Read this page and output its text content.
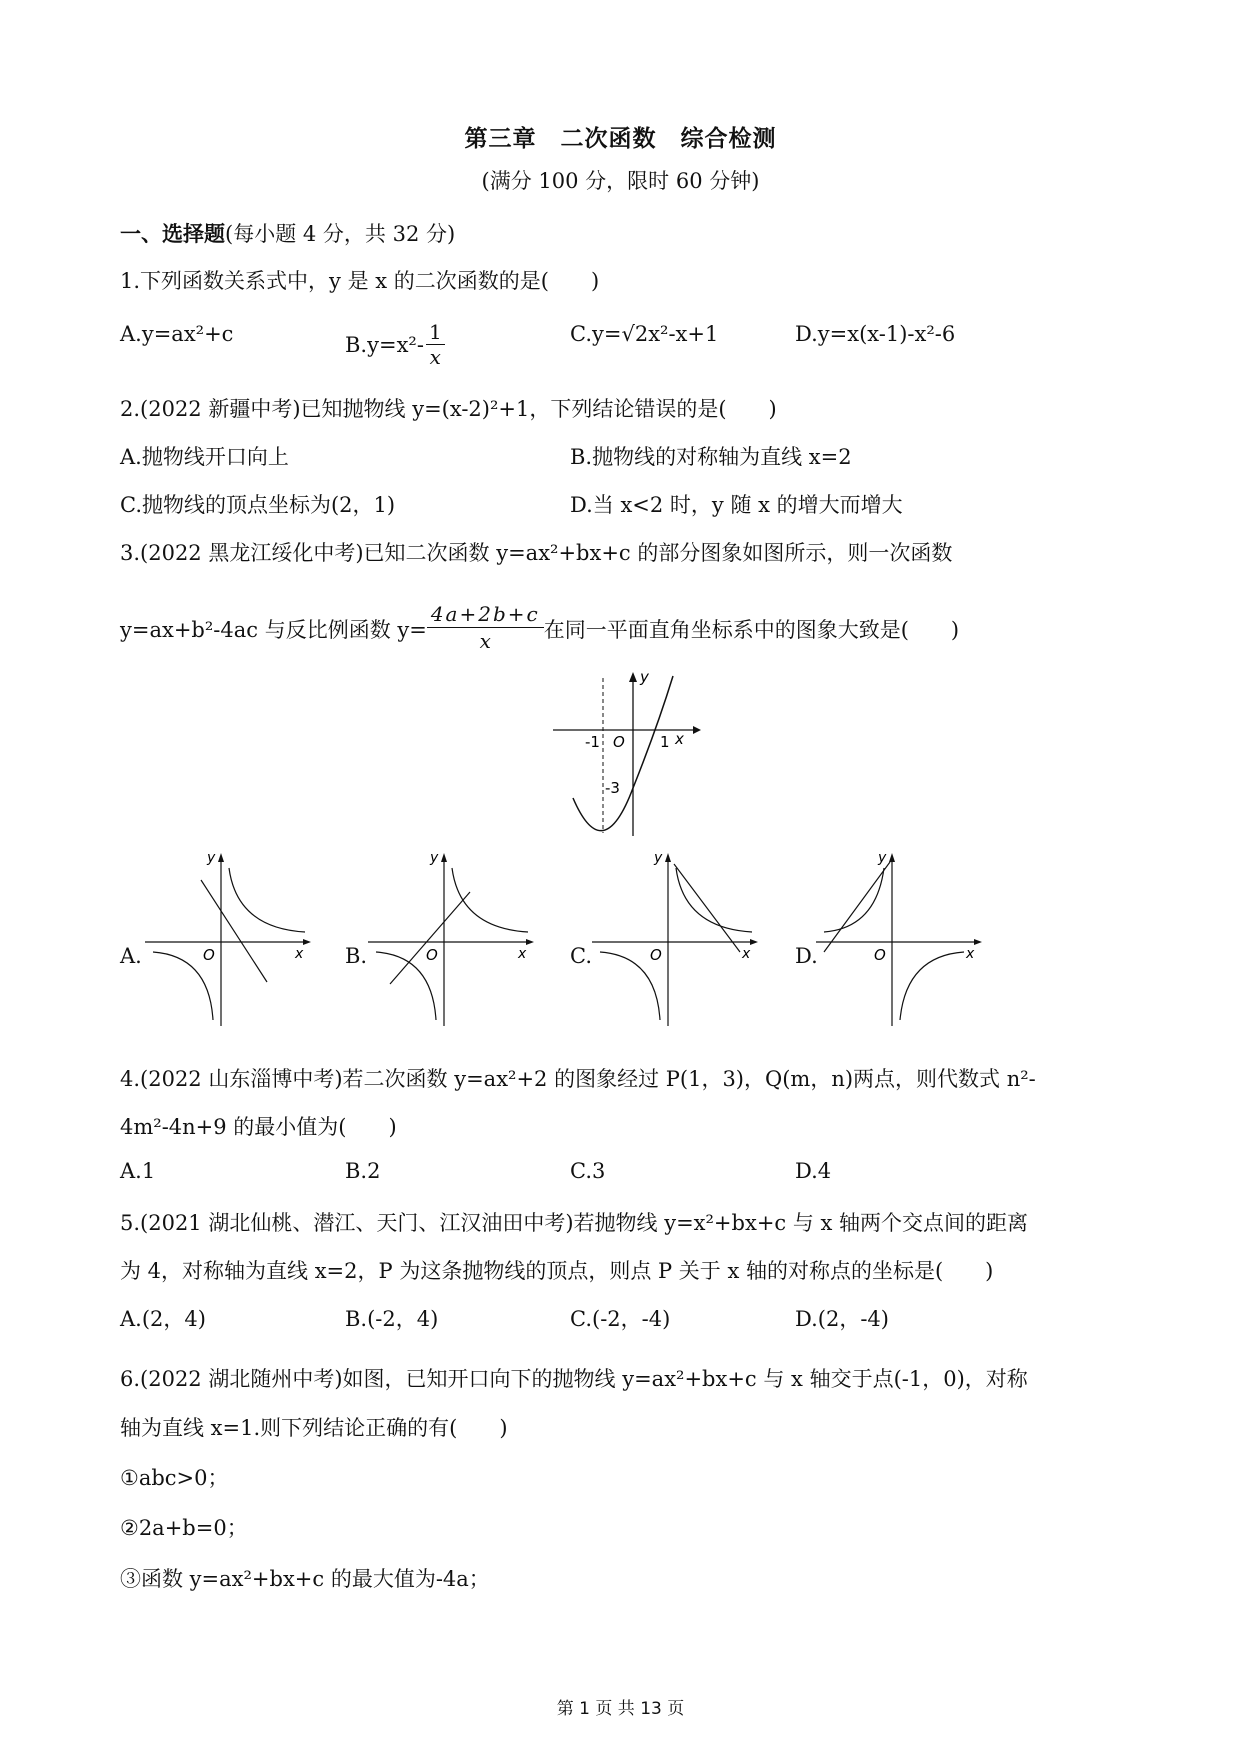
第三章　二次函数　综合检测
(满分 100 分，限时 60 分钟)
一、选择题(每小题 4 分，共 32 分)
1.下列函数关系式中，y 是 x 的二次函数的是(　　)
A.y=ax²+c	$B.y=x^2- \frac{1}{x}$	C.y=√2x²-x+1	D.y=x(x-1)-x²-6
2.(2022 新疆中考)已知抛物线 y=(x-2)²+1，下列结论错误的是(　　)
A.抛物线开口向上	B.抛物线的对称轴为直线 x=2
C.抛物线的顶点坐标为(2，1)	D.当 x<2 时，y 随 x 的增大而增大
3.(2022 黑龙江绥化中考)已知二次函数 y=ax²+bx+c 的部分图象如图所示，则一次函数
y=ax+b²-4ac 与反比例函数 $y= \frac{4a+2b+c}{x}$ 在同一平面直角坐标系中的图象大致是(　　)
y
x
-1 O 1
-3
A.
y
x
O	B.
y
x
O	C.
y
x
O	D.
y
x
O
4.(2022 山东淄博中考)若二次函数 y=ax²+2 的图象经过 P(1，3)，Q(m，n)两点，则代数式 n²-
4m²-4n+9 的最小值为(　　)
A.1	B.2	C.3	D.4
5.(2021 湖北仙桃、潜江、天门、江汉油田中考)若抛物线 y=x²+bx+c 与 x 轴两个交点间的距离
为 4，对称轴为直线 x=2，P 为这条抛物线的顶点，则点 P 关于 x 轴的对称点的坐标是(　　)
A.(2，4)	B.(-2，4)	C.(-2，-4)	D.(2，-4)
6.(2022 湖北随州中考)如图，已知开口向下的抛物线 y=ax²+bx+c 与 x 轴交于点(-1，0)，对称
轴为直线 x=1.则下列结论正确的有(　　)
①abc>0；
②2a+b=0；
③函数 y=ax²+bx+c 的最大值为-4a；
第 1 页 共 13 页
